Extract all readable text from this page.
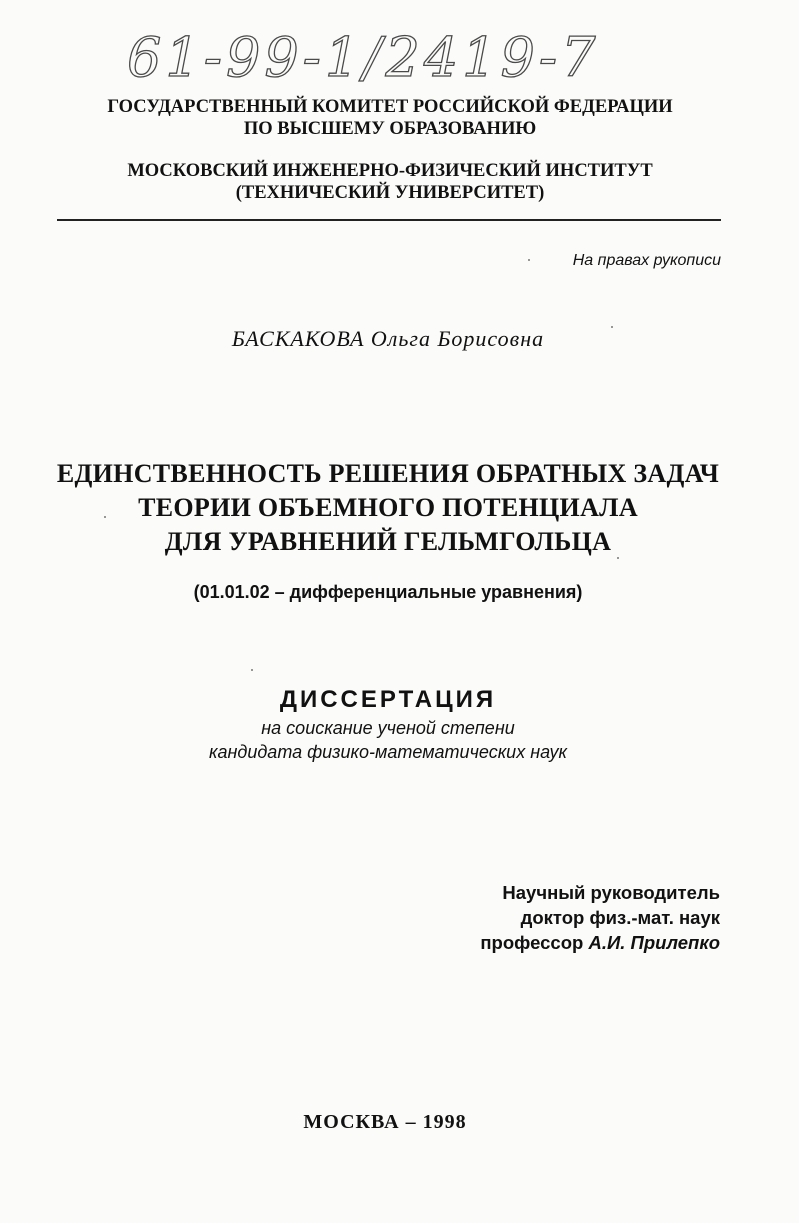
61-99-1/2419-7
ГОСУДАРСТВЕННЫЙ КОМИТЕТ РОССИЙСКОЙ ФЕДЕРАЦИИ
ПО ВЫСШЕМУ ОБРАЗОВАНИЮ
МОСКОВСКИЙ ИНЖЕНЕРНО-ФИЗИЧЕСКИЙ ИНСТИТУТ
(ТЕХНИЧЕСКИЙ УНИВЕРСИТЕТ)
На правах рукописи
БАСКАКОВА Ольга Борисовна
ЕДИНСТВЕННОСТЬ РЕШЕНИЯ ОБРАТНЫХ ЗАДАЧ
ТЕОРИИ ОБЪЕМНОГО ПОТЕНЦИАЛА
ДЛЯ УРАВНЕНИЙ ГЕЛЬМГОЛЬЦА
(01.01.02 – дифференциальные уравнения)
ДИССЕРТАЦИЯ
на соискание ученой степени
кандидата физико-математических наук
Научный руководитель
доктор физ.-мат. наук
профессор А.И. Прилепко
МОСКВА – 1998
